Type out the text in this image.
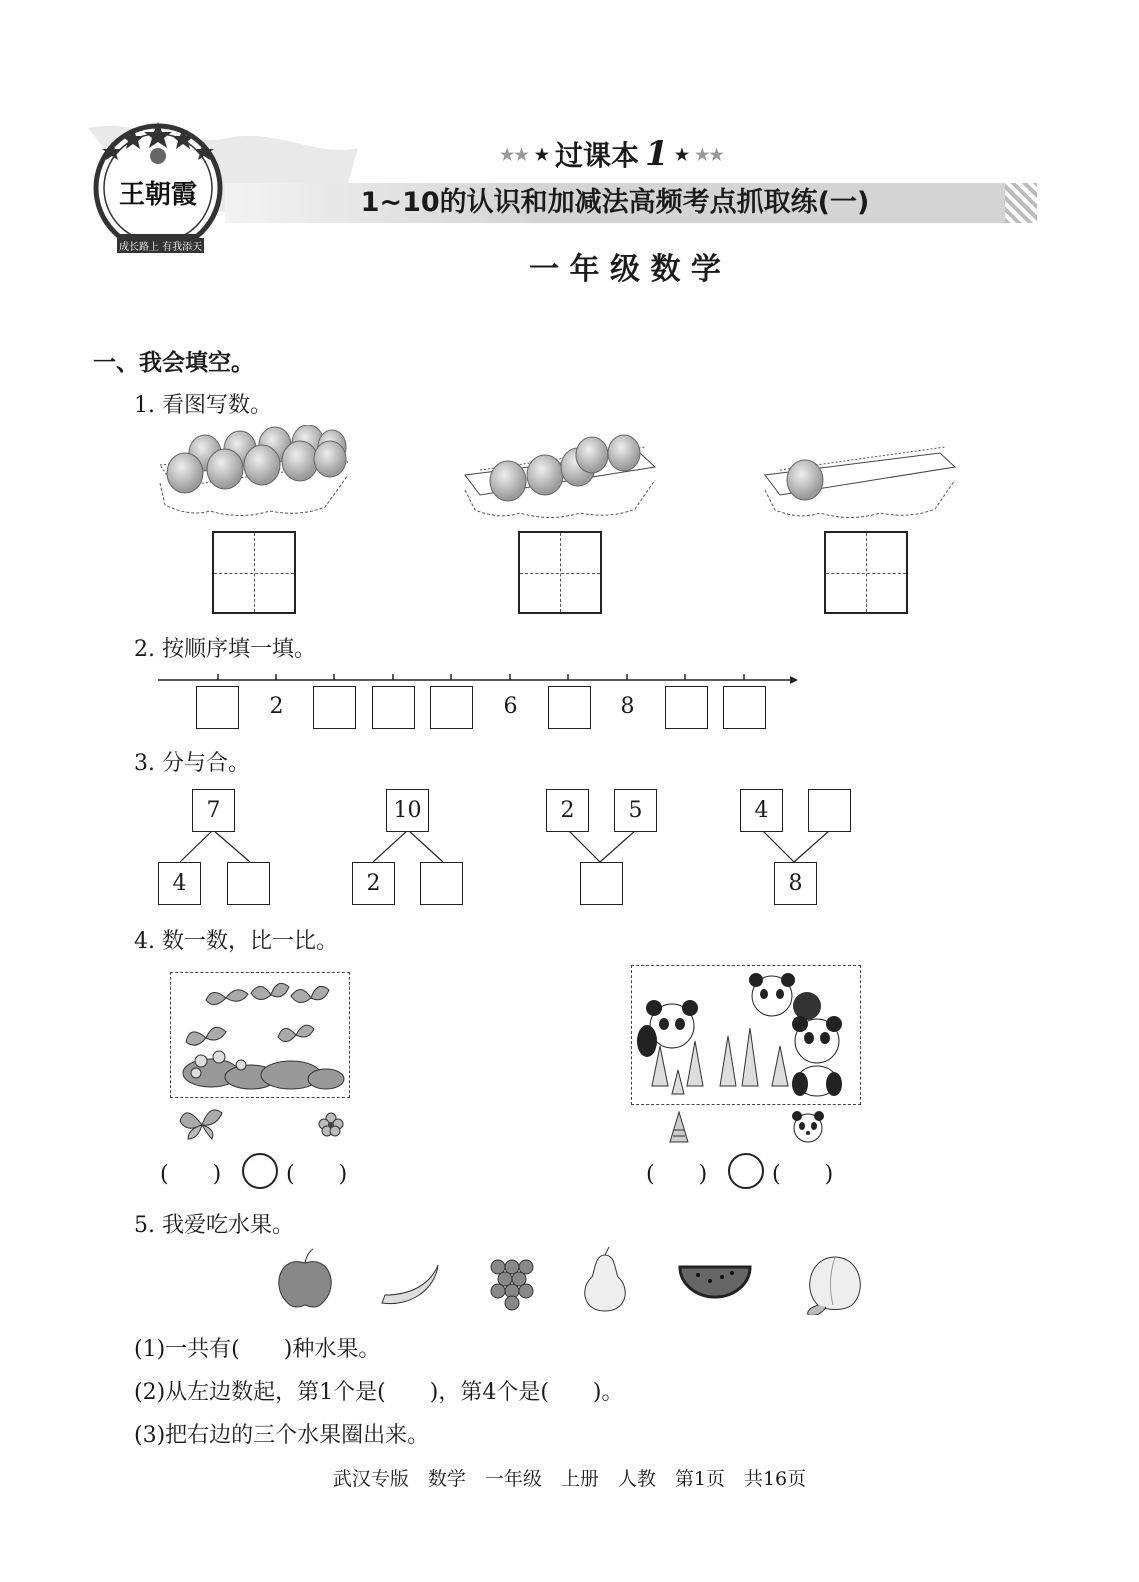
王朝霞
成长路上 有我添天
★★ ★ 过课本 1 ★ ★★
1~10的认识和加减法高频考点抓取练(一)
一 年 级 数 学
一、我会填空。
1. 看图写数。
2. 按顺序填一填。
2	6	8
3. 分与合。
7
4
10
2
2	5	4
8
4. 数一数，比一比。
(　　)	(　　)	(　　)	(　　)
5. 我爱吃水果。
(1)一共有(　　)种水果。
(2)从左边数起，第1个是(　　)，第4个是(　　)。
(3)把右边的三个水果圈出来。
武汉专版　数学　一年级　上册　人教　第1页　共16页
